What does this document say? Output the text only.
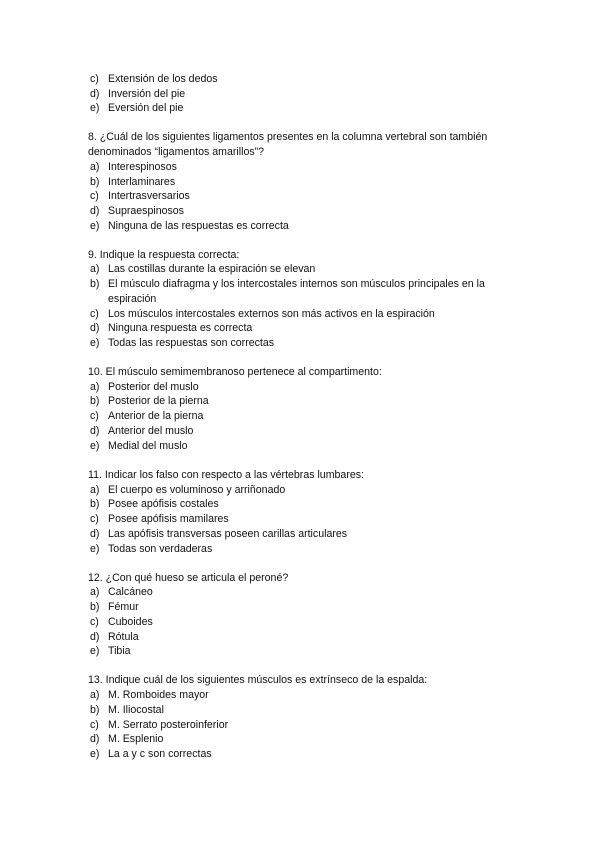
c) Extensión de los dedos
d) Inversión del pie
e) Eversión del pie
8. ¿Cuál de los siguientes ligamentos presentes en la columna vertebral son también
denominados “ligamentos amarillos”?
a) Interespinosos
b) Interlaminares
c) Intertrasversarios
d) Supraespinosos
e) Ninguna de las respuestas es correcta
9. Indique la respuesta correcta:
a) Las costillas durante la espiración se elevan
b) El músculo diafragma y los intercostales internos son músculos principales en la
espiración
c) Los músculos intercostales externos son más activos en la espiración
d) Ninguna respuesta es correcta
e) Todas las respuestas son correctas
10. El músculo semimembranoso pertenece al compartimento:
a) Posterior del muslo
b) Posterior de la pierna
c) Anterior de la pierna
d) Anterior del muslo
e) Medial del muslo
11. Indicar los falso con respecto a las vértebras lumbares:
a) El cuerpo es voluminoso y arriñonado
b) Posee apófisis costales
c) Posee apófisis mamilares
d) Las apófisis transversas poseen carillas articulares
e) Todas son verdaderas
12. ¿Con qué hueso se articula el peroné?
a) Calcáneo
b) Fémur
c) Cuboides
d) Rótula
e) Tibia
13. Indique cuál de los siguientes músculos es extrínseco de la espalda:
a) M. Romboides mayor
b) M. Iliocostal
c) M. Serrato posteroinferior
d) M. Esplenio
e) La a y c son correctas
